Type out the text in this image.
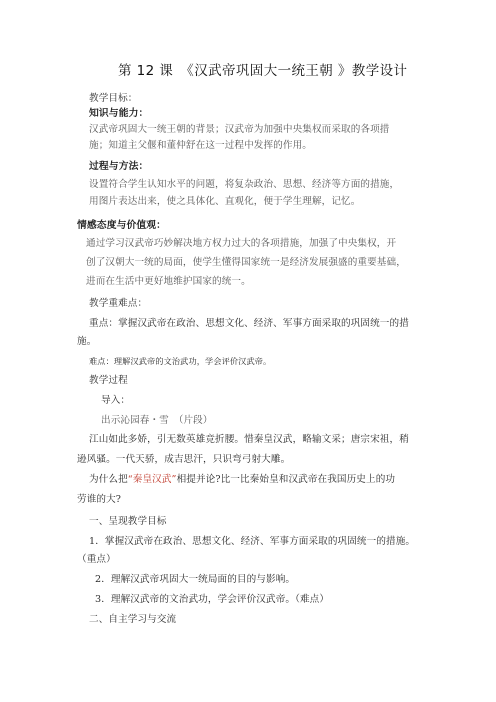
第 12 课　《汉武帝巩固大一统王朝 》教学设计
教学目标：
知识与能力：
汉武帝巩固大一统王朝的背景；汉武帝为加强中央集权而采取的各项措
施；知道主父偃和董仲舒在这一过程中发挥的作用。
过程与方法：
设置符合学生认知水平的问题，将复杂政治、思想、经济等方面的措施，
用图片表达出来，使之具体化、直观化，便于学生理解，记忆。
情感态度与价值观：
通过学习汉武帝巧妙解决地方权力过大的各项措施，加强了中央集权，开
创了汉朝大一统的局面，使学生懂得国家统一是经济发展强盛的重要基础，
进而在生活中更好地维护国家的统一。
教学重难点：
重点：掌握汉武帝在政治、思想文化、经济、军事方面采取的巩固统一的措
施。
难点：理解汉武帝的文治武功，学会评价汉武帝。
教学过程
导入：
出示沁园春・雪　（片段）
江山如此多娇，引无数英雄竞折腰。惜秦皇汉武，略输文采；唐宗宋祖，稍
逊风骚。一代天骄，成吉思汗，只识弯弓射大雕。
为什么把“秦皇汉武”相提并论?比一比秦始皇和汉武帝在我国历史上的功
劳谁的大?
一、呈现教学目标
1．掌握汉武帝在政治、思想文化、经济、军事方面采取的巩固统一的措施。
（重点）
2．理解汉武帝巩固大一统局面的目的与影响。
3．理解汉武帝的文治武功，学会评价汉武帝。（难点）
二、自主学习与交流
